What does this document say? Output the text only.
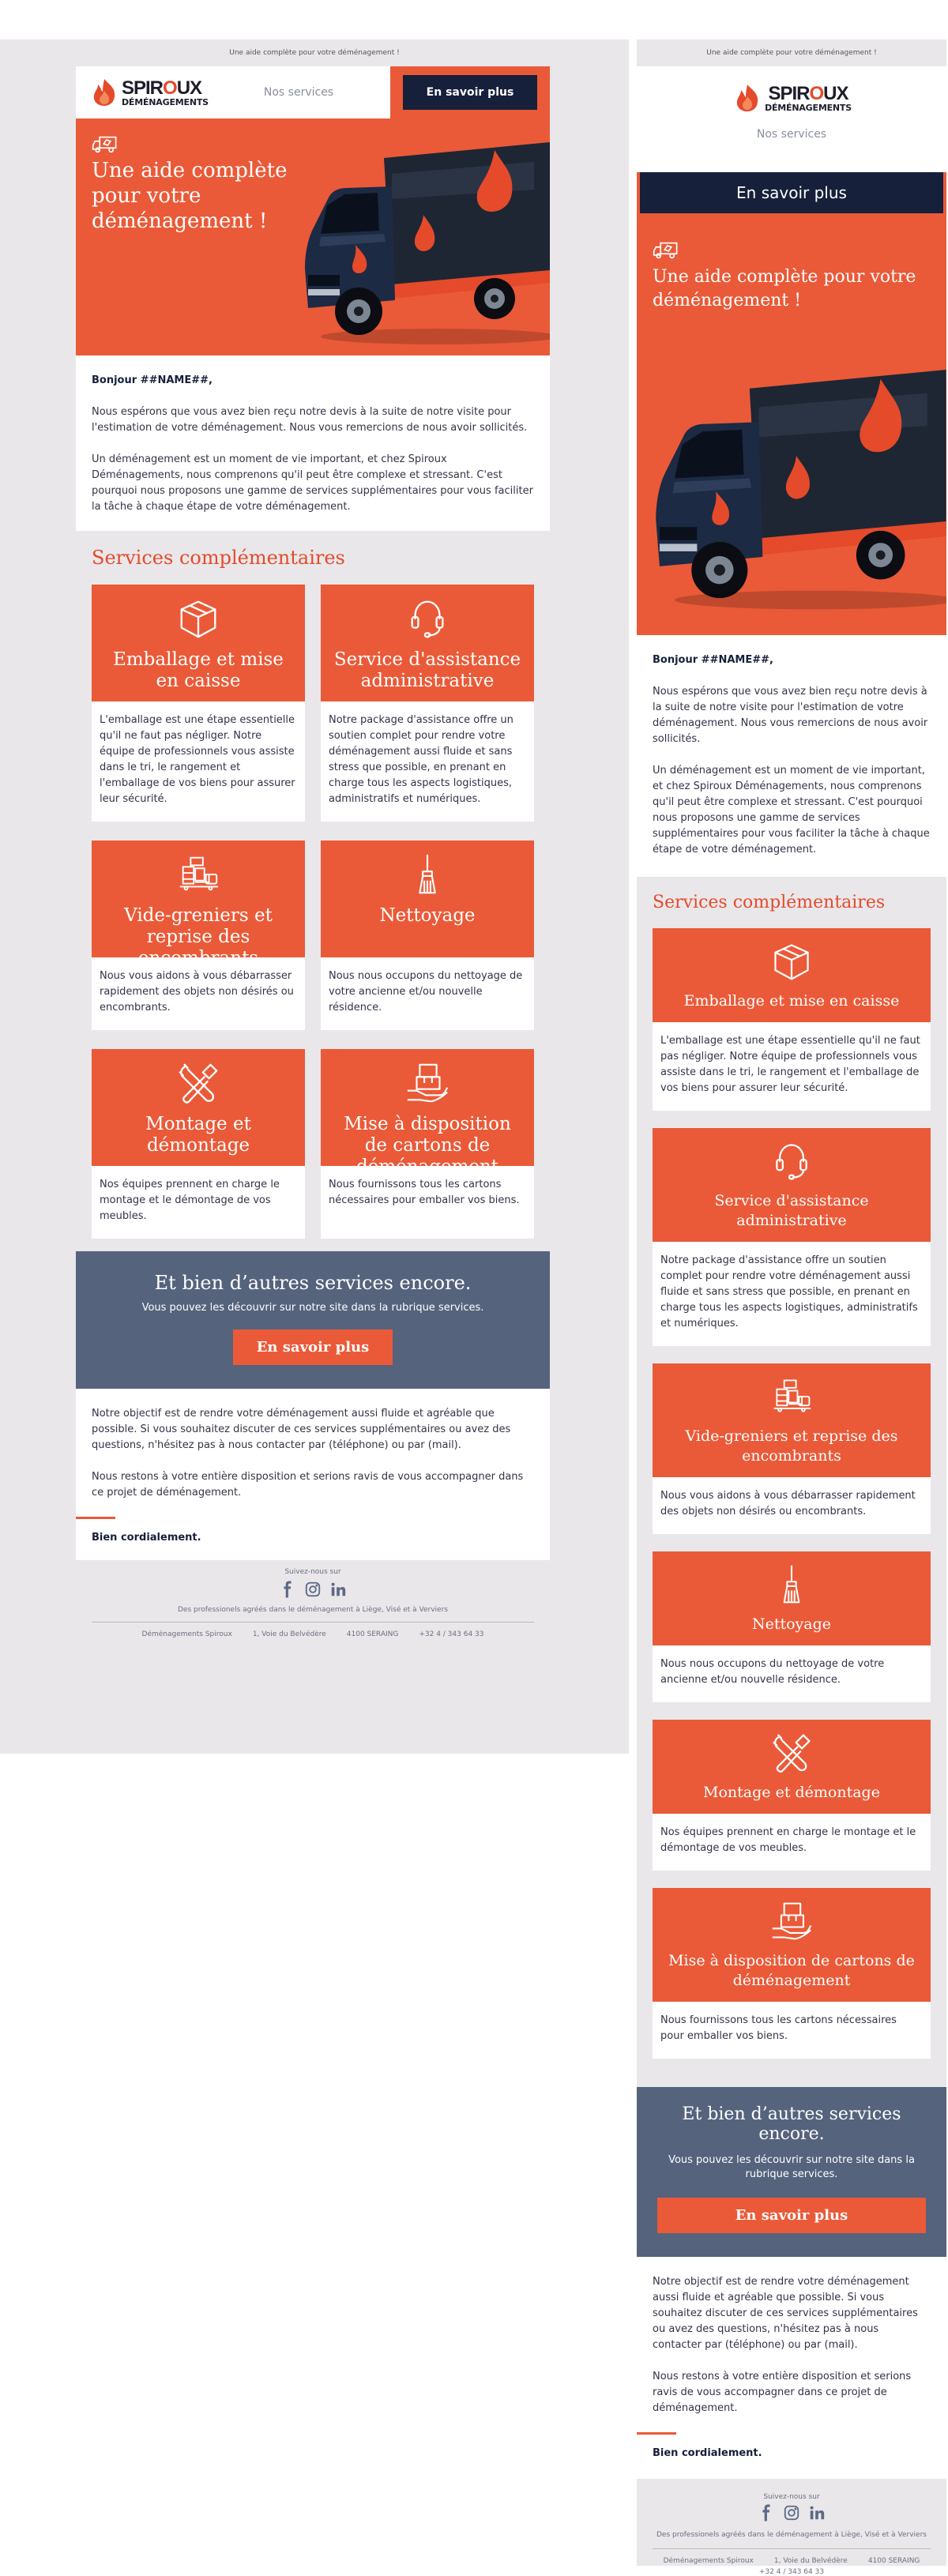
Une aide complète pour votre déménagement !
SPIROUX
DÉMÉNAGEMENTS
Nos services	En savoir plus
Une aide complète pour votre déménagement !

Bonjour ##NAME##,

Nous espérons que vous avez bien reçu notre devis à la suite de notre visite pour l'estimation de votre déménagement. Nous vous remercions de nous avoir sollicités.

Un déménagement est un moment de vie important, et chez Spiroux Déménagements, nous comprenons qu'il peut être complexe et stressant. C'est pourquoi nous proposons une gamme de services supplémentaires pour vous faciliter la tâche à chaque étape de votre déménagement.

Services complémentaires
Emballage et mise en caisse
L'emballage est une étape essentielle qu'il ne faut pas négliger. Notre équipe de professionnels vous assiste dans le tri, le rangement et l'emballage de vos biens pour assurer leur sécurité.
Service d'assistance administrative
Notre package d'assistance offre un soutien complet pour rendre votre déménagement aussi fluide et sans stress que possible, en prenant en charge tous les aspects logistiques, administratifs et numériques.
Vide-greniers et reprise des encombrants
Nous vous aidons à vous débarrasser rapidement des objets non désirés ou encombrants.
Nettoyage
Nous nous occupons du nettoyage de votre ancienne et/ou nouvelle résidence.
Montage et démontage
Nos équipes prennent en charge le montage et le démontage de vos meubles.
Mise à disposition de cartons de déménagement
Nous fournissons tous les cartons nécessaires pour emballer vos biens.
Et bien d’autres services encore.
Vous pouvez les découvrir sur notre site dans la rubrique services.
En savoir plus

Notre objectif est de rendre votre déménagement aussi fluide et agréable que possible. Si vous souhaitez discuter de ces services supplémentaires ou avez des questions, n'hésitez pas à nous contacter par (téléphone) ou par (mail).

Nous restons à votre entière disposition et serions ravis de vous accompagner dans ce projet de déménagement.

Bien cordialement.
Suivez-nous sur
Des professionels agréés dans le déménagement à Liège, Visé et à Verviers
Déménagements Spiroux	1, Voie du Belvédère	4100 SERAING	+32 4 / 343 64 33
Une aide complète pour votre déménagement !
SPIROUX
DÉMÉNAGEMENTS
Nos services
En savoir plus
Une aide complète pour votre déménagement !

Bonjour ##NAME##,

Nous espérons que vous avez bien reçu notre devis à la suite de notre visite pour l'estimation de votre déménagement. Nous vous remercions de nous avoir sollicités.

Un déménagement est un moment de vie important, et chez Spiroux Déménagements, nous comprenons qu'il peut être complexe et stressant. C'est pourquoi nous proposons une gamme de services supplémentaires pour vous faciliter la tâche à chaque étape de votre déménagement.

Services complémentaires
Emballage et mise en caisse
L'emballage est une étape essentielle qu'il ne faut pas négliger. Notre équipe de professionnels vous assiste dans le tri, le rangement et l'emballage de vos biens pour assurer leur sécurité.
Service d'assistance administrative
Notre package d'assistance offre un soutien complet pour rendre votre déménagement aussi fluide et sans stress que possible, en prenant en charge tous les aspects logistiques, administratifs et numériques.
Vide-greniers et reprise des encombrants
Nous vous aidons à vous débarrasser rapidement des objets non désirés ou encombrants.
Nettoyage
Nous nous occupons du nettoyage de votre ancienne et/ou nouvelle résidence.
Montage et démontage
Nos équipes prennent en charge le montage et le démontage de vos meubles.
Mise à disposition de cartons de déménagement
Nous fournissons tous les cartons nécessaires pour emballer vos biens.
Et bien d’autres services encore.
Vous pouvez les découvrir sur notre site dans la rubrique services.
En savoir plus

Notre objectif est de rendre votre déménagement aussi fluide et agréable que possible. Si vous souhaitez discuter de ces services supplémentaires ou avez des questions, n'hésitez pas à nous contacter par (téléphone) ou par (mail).

Nous restons à votre entière disposition et serions ravis de vous accompagner dans ce projet de déménagement.

Bien cordialement.
Suivez-nous sur
Des professionels agréés dans le déménagement à Liège, Visé et à Verviers
Déménagements Spiroux	1, Voie du Belvédère	4100 SERAING
+32 4 / 343 64 33
